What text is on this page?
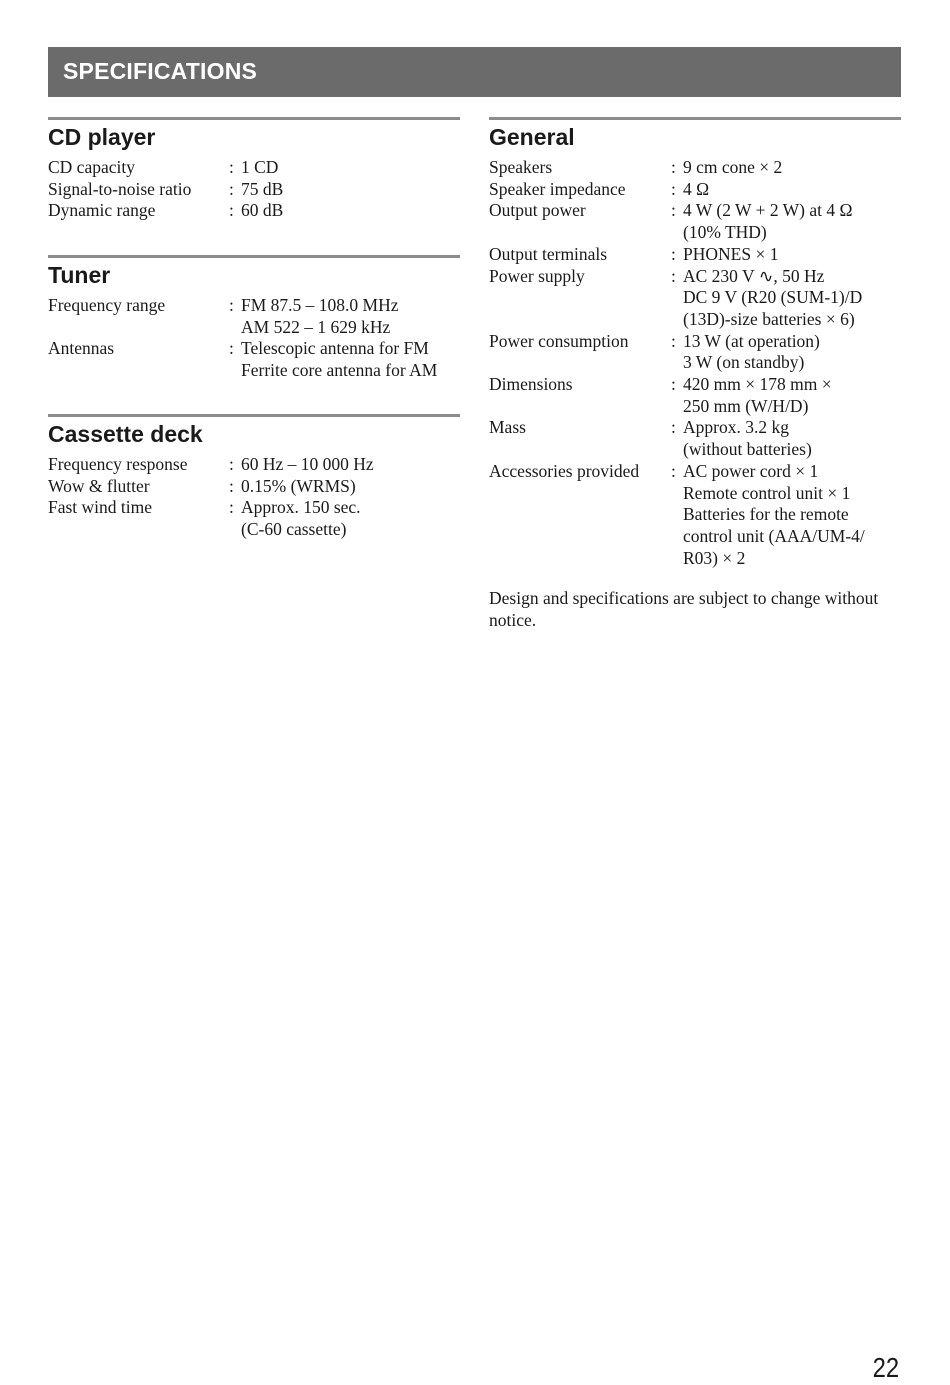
SPECIFICATIONS
CD player
CD capacity	: 1 CD
Signal-to-noise ratio	: 75 dB
Dynamic range	: 60 dB
Tuner
Frequency range	: FM 87.5 – 108.0 MHz
AM 522 – 1 629 kHz
Antennas	: Telescopic antenna for FM
Ferrite core antenna for AM
Cassette deck
Frequency response	: 60 Hz – 10 000 Hz
Wow & flutter	: 0.15% (WRMS)
Fast wind time	: Approx. 150 sec.
(C-60 cassette)
General
Speakers	: 9 cm cone × 2
Speaker impedance	: 4 Ω
Output power	: 4 W (2 W + 2 W) at 4 Ω
(10% THD)
Output terminals	: PHONES × 1
Power supply	: AC 230 V ∿, 50 Hz
DC 9 V (R20 (SUM-1)/D
(13D)-size batteries × 6)
Power consumption	: 13 W (at operation)
3 W (on standby)
Dimensions	: 420 mm × 178 mm ×
250 mm (W/H/D)
Mass	: Approx. 3.2 kg
(without batteries)
Accessories provided	: AC power cord × 1
Remote control unit × 1
Batteries for the remote
control unit (AAA/UM-4/
R03) × 2
Design and specifications are subject to change without notice.
22
